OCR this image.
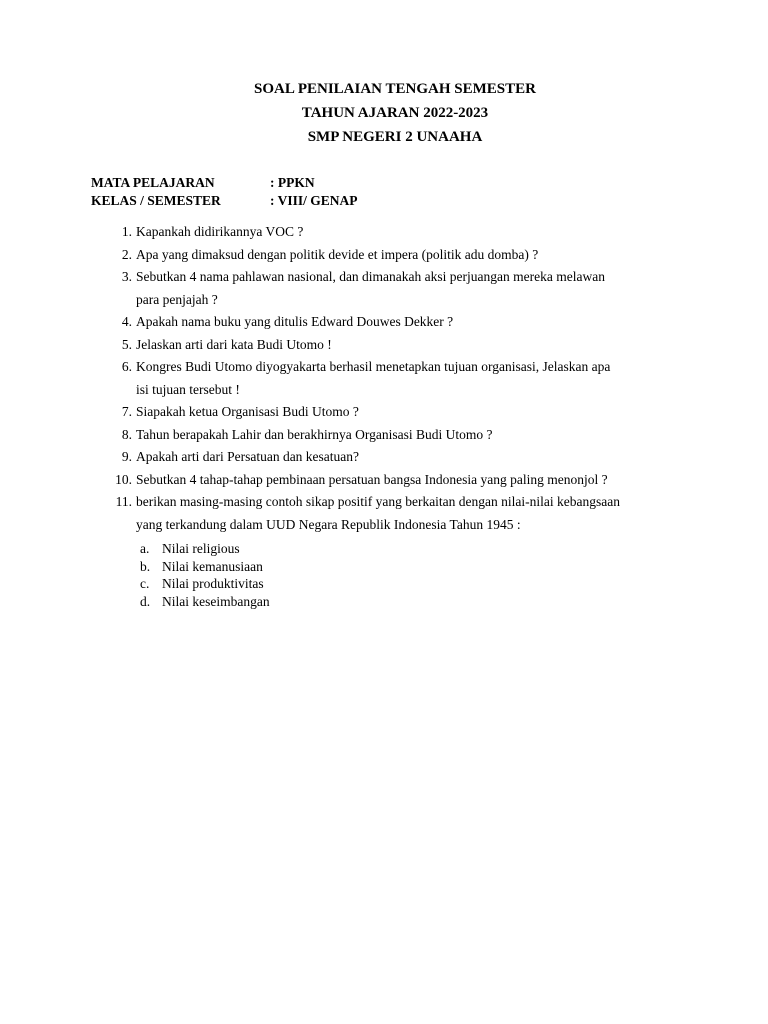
SOAL PENILAIAN TENGAH SEMESTER
TAHUN AJARAN 2022-2023
SMP NEGERI 2 UNAAHA
MATA PELAJARAN	: PPKN
KELAS / SEMESTER	: VIII/ GENAP
1. Kapankah didirikannya VOC ?
2. Apa yang dimaksud dengan politik devide et impera (politik adu domba) ?
3. Sebutkan 4 nama pahlawan nasional, dan dimanakah aksi perjuangan mereka melawan
para penjajah ?
4. Apakah nama buku yang ditulis Edward Douwes Dekker ?
5. Jelaskan arti dari kata Budi Utomo !
6. Kongres Budi Utomo diyogyakarta berhasil menetapkan tujuan organisasi, Jelaskan apa
isi tujuan tersebut !
7. Siapakah ketua Organisasi Budi Utomo ?
8. Tahun berapakah Lahir dan berakhirnya Organisasi Budi Utomo ?
9. Apakah arti dari Persatuan dan kesatuan?
10. Sebutkan 4 tahap-tahap pembinaan persatuan bangsa Indonesia yang paling menonjol ?
11. berikan masing-masing contoh sikap positif yang berkaitan dengan nilai-nilai kebangsaan
yang terkandung dalam UUD Negara Republik Indonesia Tahun 1945 :
a. Nilai religious
b. Nilai kemanusiaan
c. Nilai produktivitas
d. Nilai keseimbangan
